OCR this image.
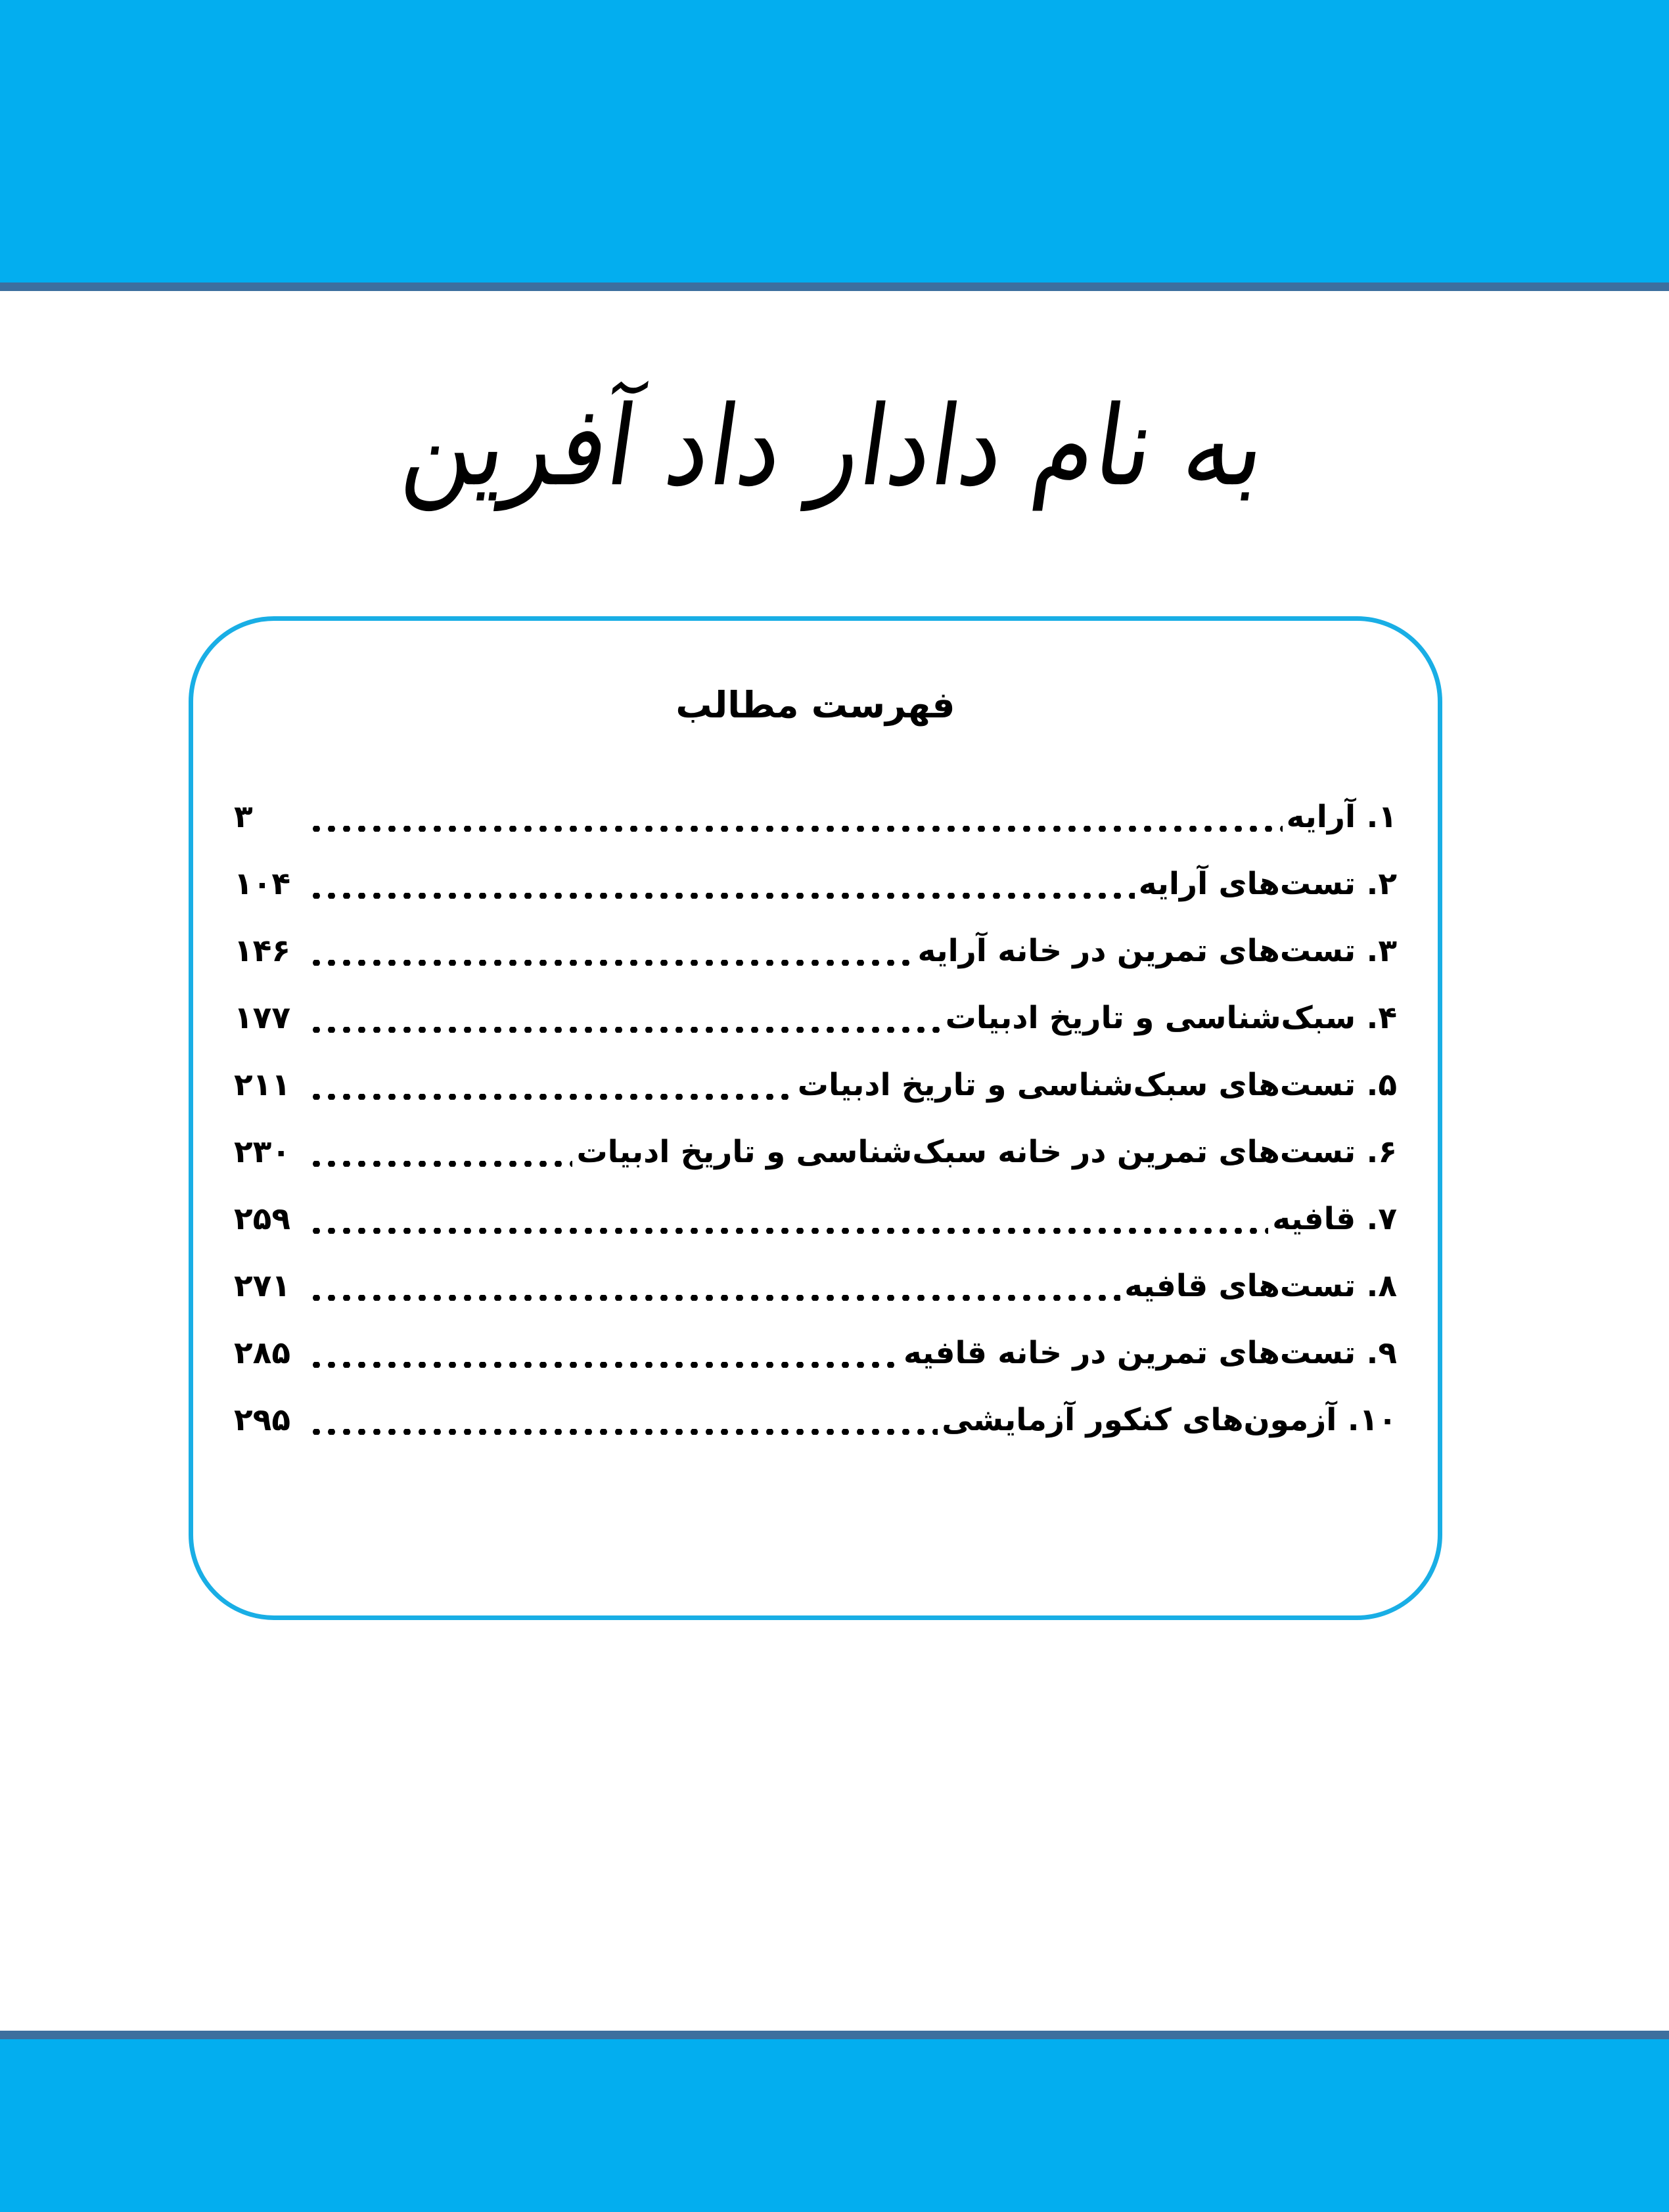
به نام دادار داد آفرین
فهرست مطالب
۱. آرایه
۳
۲. تست‌های آرایه
۱۰۴
۳. تست‌های تمرین در خانه آرایه
۱۴۶
۴. سبک‌شناسی و تاریخ ادبیات
۱۷۷
۵. تست‌های سبک‌شناسی و تاریخ ادبیات
۲۱۱
۶. تست‌های تمرین در خانه سبک‌شناسی و تاریخ ادبیات
۲۳۰
۷. قافیه
۲۵۹
۸. تست‌های قافیه
۲۷۱
۹. تست‌های تمرین در خانه قافیه
۲۸۵
۱۰. آزمون‌های کنکور آزمایشی
۲۹۵
